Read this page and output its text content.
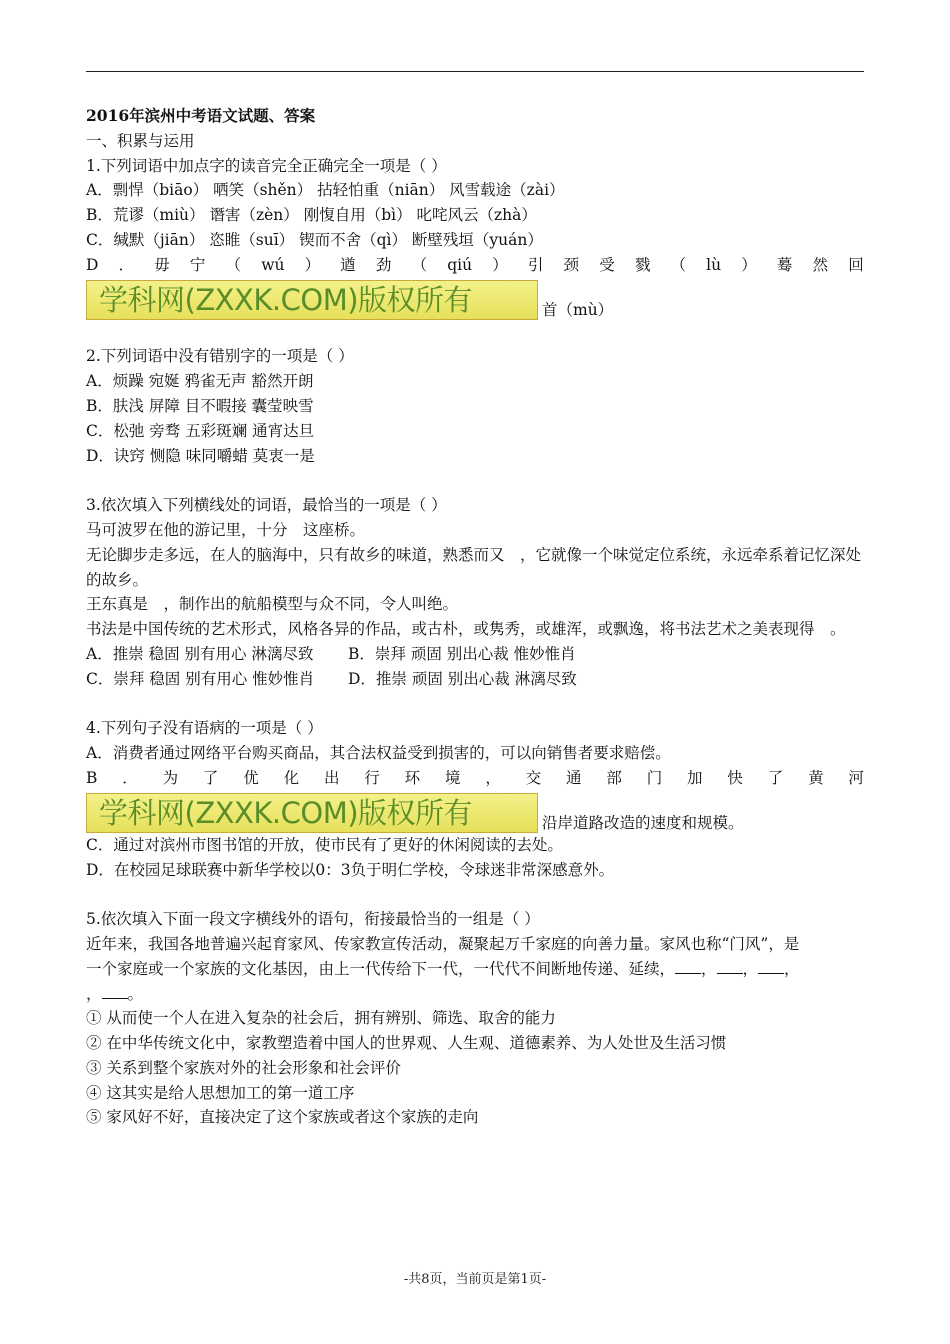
2016年滨州中考语文试题、答案
一、积累与运用
1.下列词语中加点字的读音完全正确完全一项是（ ）
A．剽悍（biāo） 哂笑（shěn） 拈轻怕重（niān） 风雪载途（zài）
B．荒谬（miù） 谮害（zèn） 刚愎自用（bì） 叱咤风云（zhà）
C．缄默（jiān） 恣睢（suī） 锲而不舍（qì） 断壁残垣（yuán）
D ． 毋 宁 （ wú ） 遒 劲 （ qiú ） 引 颈 受 戮 （ lù ） 蓦 然 回
学科网(ZXXK.COM)版权所有	首（mù）
2.下列词语中没有错别字的一项是（ ）
A．烦躁 宛娫 鸦雀无声 豁然开朗
B．肤浅 屏障 目不暇接 囊莹映雪
C．松弛 旁骛 五彩斑斓 通宵达旦
D．诀窍 恻隐 味同嚼蜡 莫衷一是
3.依次填入下列横线处的词语，最恰当的一项是（ ）
马可波罗在他的游记里，十分　这座桥。
无论脚步走多远，在人的脑海中，只有故乡的味道，熟悉而又　，它就像一个味觉定位系统，永远牵系着记忆深处的故乡。
王东真是　，制作出的航船模型与众不同，令人叫绝。
书法是中国传统的艺术形式，风格各异的作品，或古朴，或隽秀，或雄浑，或飘逸，将书法艺术之美表现得　。
A．推崇 稳固 别有用心 淋漓尽致 B．崇拜 顽固 别出心裁 惟妙惟肖
C．崇拜 稳固 别有用心 惟妙惟肖 D．推崇 顽固 别出心裁 淋漓尽致
4.下列句子没有语病的一项是（ ）
A．消费者通过网络平台购买商品，其合法权益受到损害的，可以向销售者要求赔偿。
B ． 为 了 优 化 出 行 环 境 ， 交 通 部 门 加 快 了 黄 河
学科网(ZXXK.COM)版权所有	沿岸道路改造的速度和规模。
C．通过对滨州市图书馆的开放，使市民有了更好的休闲阅读的去处。
D．在校园足球联赛中新华学校以0：3负于明仁学校，令球迷非常深感意外。
5.依次填入下面一段文字横线外的语句，衔接最恰当的一组是（ ）
近年来，我国各地普遍兴起育家风、传家教宣传活动，凝聚起万千家庭的向善力量。家风也称“门风”，是
一个家庭或一个家族的文化基因，由上一代传给下一代，一代代不间断地传递、延续， ， ， ，
， 。
① 从而使一个人在进入复杂的社会后，拥有辨别、筛选、取舍的能力
② 在中华传统文化中，家教塑造着中国人的世界观、人生观、道德素养、为人处世及生活习惯
③ 关系到整个家族对外的社会形象和社会评价
④ 这其实是给人思想加工的第一道工序
⑤ 家风好不好，直接决定了这个家族或者这个家族的走向
-共8页，当前页是第1页-
